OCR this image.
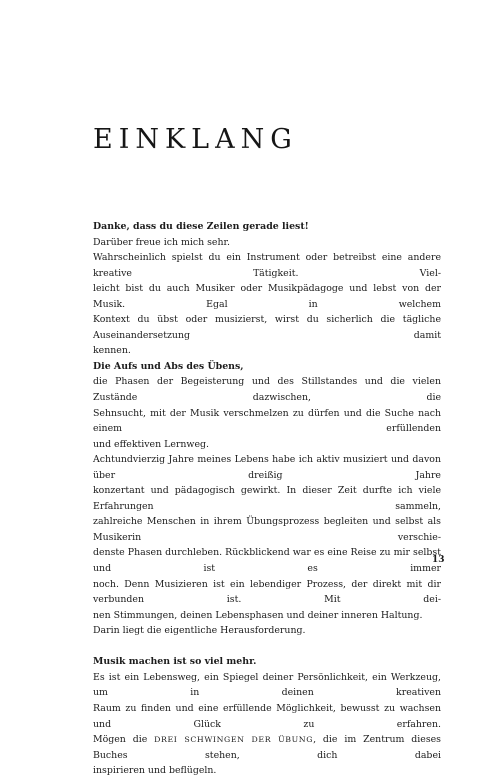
EINKLANG

Danke, dass du diese Zeilen gerade liest!

Darüber freue ich mich sehr.

Wahrscheinlich spielst du ein Instrument oder betreibst eine andere kreative Tätigkeit. Viel-

leicht bist du auch Musiker oder Musikpädagoge und lebst von der Musik. Egal in welchem

Kontext du übst oder musizierst, wirst du sicherlich die tägliche Auseinandersetzung damit

kennen.

Die Aufs und Abs des Übens,

die Phasen der Begeisterung und des Stillstandes und die vielen Zustände dazwischen, die

Sehnsucht, mit der Musik verschmelzen zu dürfen und die Suche nach einem erfüllenden

und effektiven Lernweg.

Achtundvierzig Jahre meines Lebens habe ich aktiv musiziert und davon über dreißig Jahre

konzertant und pädagogisch gewirkt. In dieser Zeit durfte ich viele Erfahrungen sammeln,

zahlreiche Menschen in ihrem Übungsprozess begleiten und selbst als Musikerin verschie-

denste Phasen durchleben. Rückblickend war es eine Reise zu mir selbst und ist es immer

noch. Denn Musizieren ist ein lebendiger Prozess, der direkt mit dir verbunden ist. Mit dei-

nen Stimmungen, deinen Lebensphasen und deiner inneren Haltung.

Darin liegt die eigentliche Herausforderung.

Musik machen ist so viel mehr.

Es ist ein Lebensweg, ein Spiegel deiner Persönlichkeit, ein Werkzeug, um in deinen kreativen

Raum zu finden und eine erfüllende Möglichkeit, bewusst zu wachsen und Glück zu erfahren.

Mögen die DREI SCHWINGEN DER ÜBUNG, die im Zentrum dieses Buches stehen, dich dabei

inspirieren und beflügeln.

13
